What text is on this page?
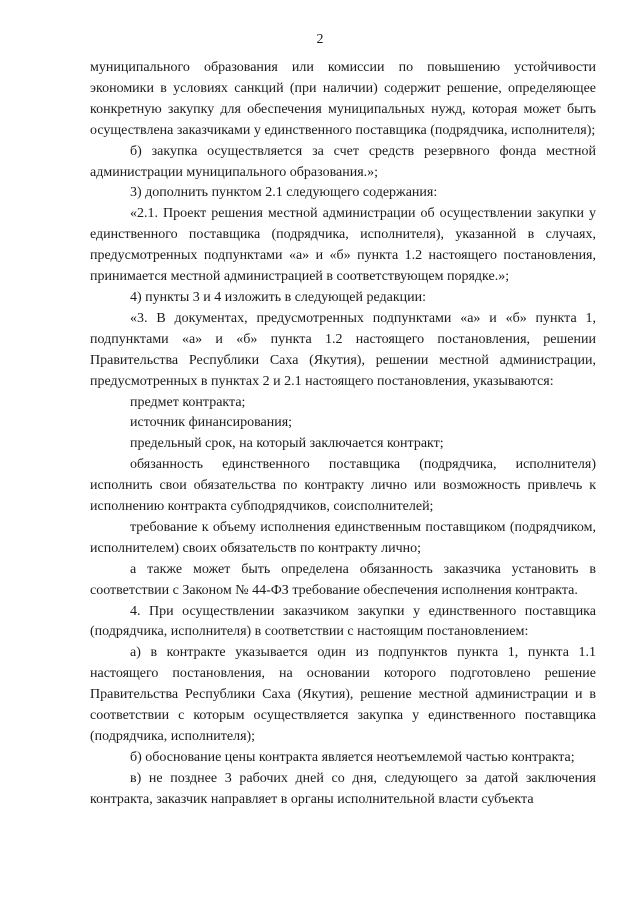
2

муниципального образования или комиссии по повышению устойчивости экономики в условиях санкций (при наличии) содержит решение, определяющее конкретную закупку для обеспечения муниципальных нужд, которая может быть осуществлена заказчиками у единственного поставщика (подрядчика, исполнителя);

б) закупка осуществляется за счет средств резервного фонда местной администрации муниципального образования.»;

3) дополнить пунктом 2.1 следующего содержания:

«2.1. Проект решения местной администрации об осуществлении закупки у единственного поставщика (подрядчика, исполнителя), указанной в случаях, предусмотренных подпунктами «а» и «б» пункта 1.2 настоящего постановления, принимается местной администрацией в соответствующем порядке.»;

4) пункты 3 и 4 изложить в следующей редакции:

«3. В документах, предусмотренных подпунктами «а» и «б» пункта 1, подпунктами «а» и «б» пункта 1.2 настоящего постановления, решении Правительства Республики Саха (Якутия), решении местной администрации, предусмотренных в пунктах 2 и 2.1 настоящего постановления, указываются:

предмет контракта;

источник финансирования;

предельный срок, на который заключается контракт;

обязанность единственного поставщика (подрядчика, исполнителя) исполнить свои обязательства по контракту лично или возможность привлечь к исполнению контракта субподрядчиков, соисполнителей;

требование к объему исполнения единственным поставщиком (подрядчиком, исполнителем) своих обязательств по контракту лично;

а также может быть определена обязанность заказчика установить в соответствии с Законом № 44-ФЗ требование обеспечения исполнения контракта.

4. При осуществлении заказчиком закупки у единственного поставщика (подрядчика, исполнителя) в соответствии с настоящим постановлением:

а) в контракте указывается один из подпунктов пункта 1, пункта 1.1 настоящего постановления, на основании которого подготовлено решение Правительства Республики Саха (Якутия), решение местной администрации и в соответствии с которым осуществляется закупка у единственного поставщика (подрядчика, исполнителя);

б) обоснование цены контракта является неотъемлемой частью контракта;

в) не позднее 3 рабочих дней со дня, следующего за датой заключения контракта, заказчик направляет в органы исполнительной власти субъекта
